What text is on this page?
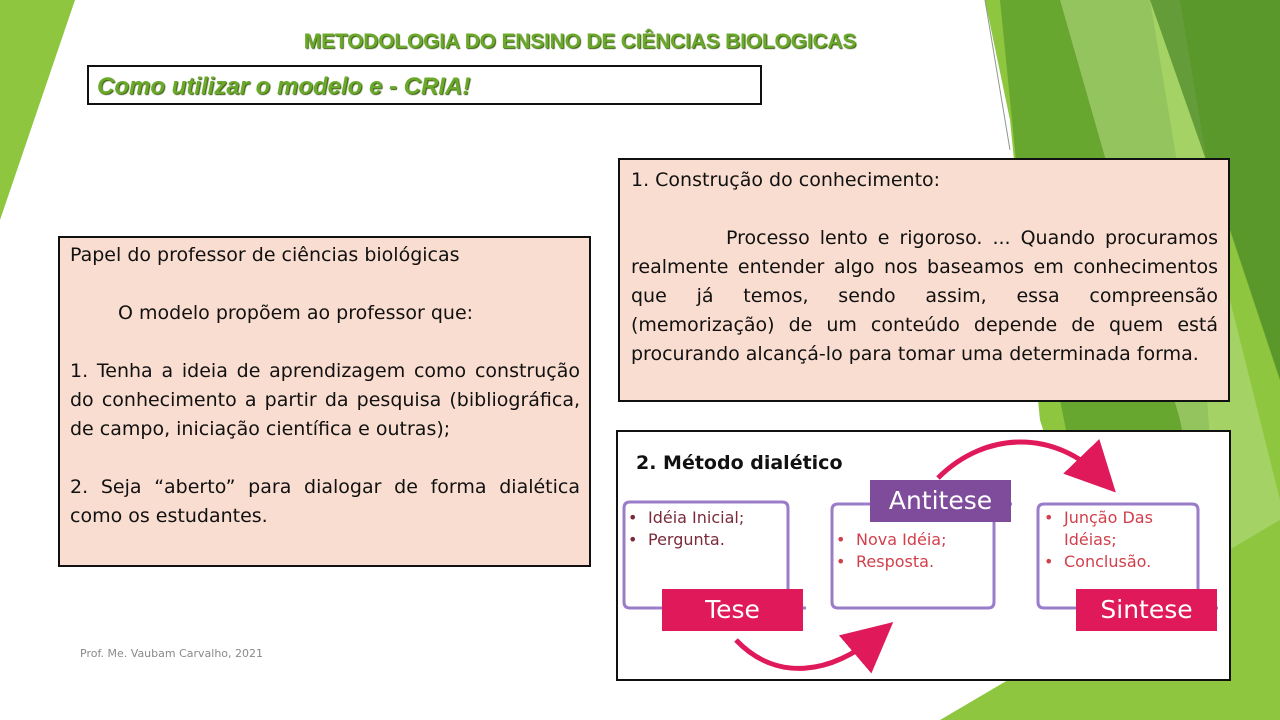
METODOLOGIA DO ENSINO DE CIÊNCIAS BIOLOGICAS
Como utilizar o modelo e - CRIA!

Papel do professor de ciências biológicas

O modelo propõem ao professor que:

1. Tenha a ideia de aprendizagem como construção do conhecimento a partir da pesquisa (bibliográfica, de campo, iniciação científica e outras);

2. Seja “aberto” para dialogar de forma dialética como os estudantes.

1. Construção do conhecimento:

Processo lento e rigoroso. ... Quando procuramos realmente entender algo nos baseamos em conhecimentos que já temos, sendo assim, essa compreensão (memorização) de um conteúdo depende de quem está procurando alcançá-lo para tomar uma determinada forma.

2. Método dialético
Tese
Antitese
Sintese
• Idéia Inicial;
• Pergunta.
•	Nova Idéia;
• Resposta.
• Junção Das Idéias;
• Conclusão.
Prof. Me. Vaubam Carvalho, 2021
